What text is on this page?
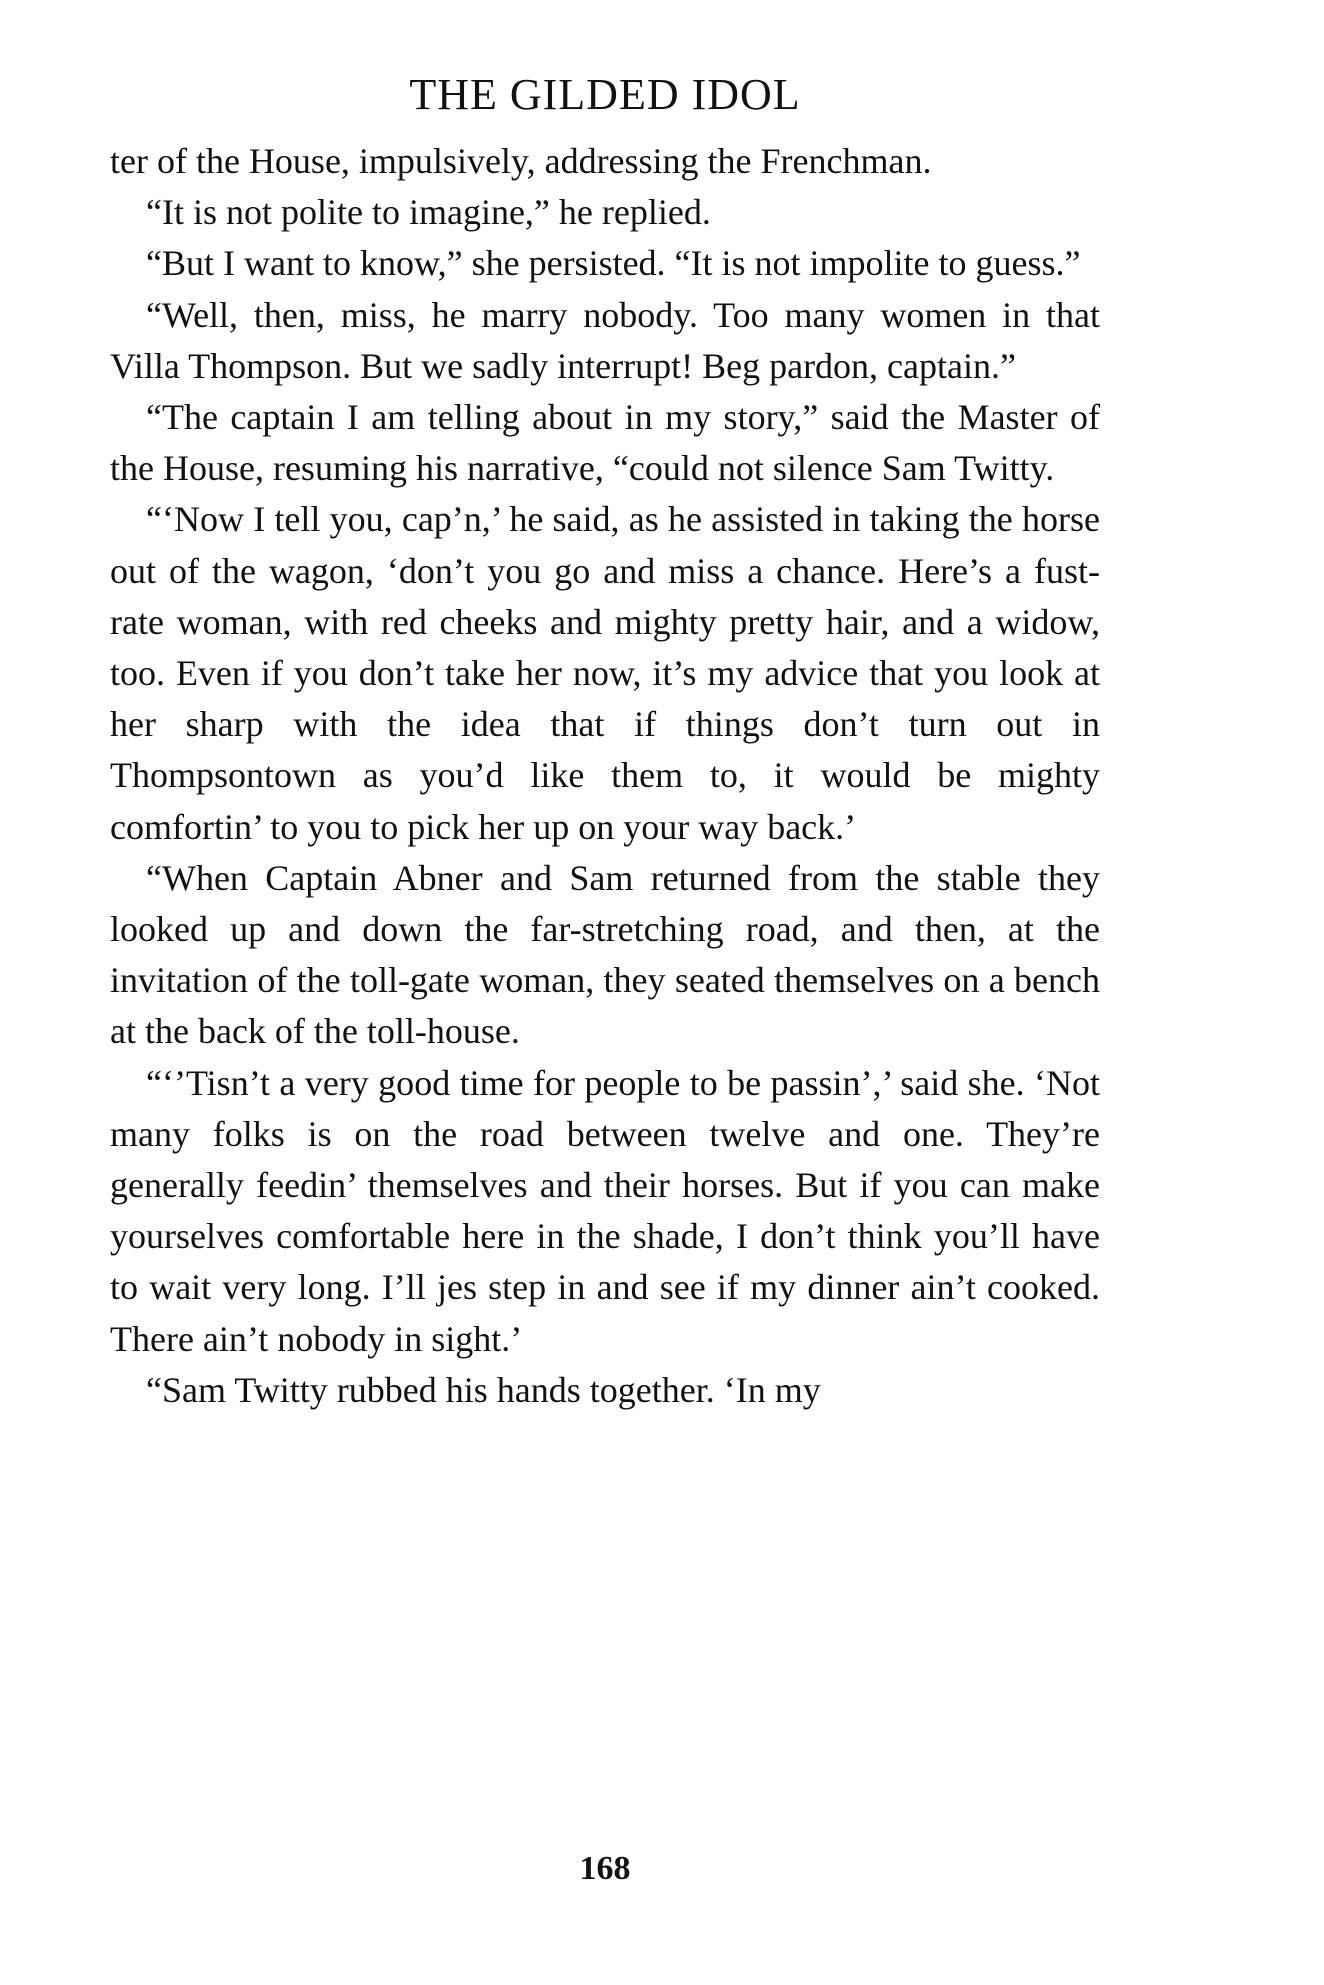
THE GILDED IDOL

ter of the House, impulsively, addressing the Frenchman.

“It is not polite to imagine,” he replied.

“But I want to know,” she persisted. “It is not impolite to guess.”

“Well, then, miss, he marry nobody. Too many women in that Villa Thompson. But we sadly interrupt! Beg pardon, captain.”

“The captain I am telling about in my story,” said the Master of the House, resuming his narrative, “could not silence Sam Twitty.

“‘Now I tell you, cap’n,’ he said, as he assisted in taking the horse out of the wagon, ‘don’t you go and miss a chance. Here’s a fust-rate woman, with red cheeks and mighty pretty hair, and a widow, too. Even if you don’t take her now, it’s my advice that you look at her sharp with the idea that if things don’t turn out in Thompsontown as you’d like them to, it would be mighty comfortin’ to you to pick her up on your way back.’

“When Captain Abner and Sam returned from the stable they looked up and down the far-stretching road, and then, at the invitation of the toll-gate woman, they seated themselves on a bench at the back of the toll-house.

“‘’Tisn’t a very good time for people to be passin’,’ said she. ‘Not many folks is on the road between twelve and one. They’re generally feedin’ themselves and their horses. But if you can make yourselves comfortable here in the shade, I don’t think you’ll have to wait very long. I’ll jes step in and see if my dinner ain’t cooked. There ain’t nobody in sight.’

“Sam Twitty rubbed his hands together. ‘In my

168
